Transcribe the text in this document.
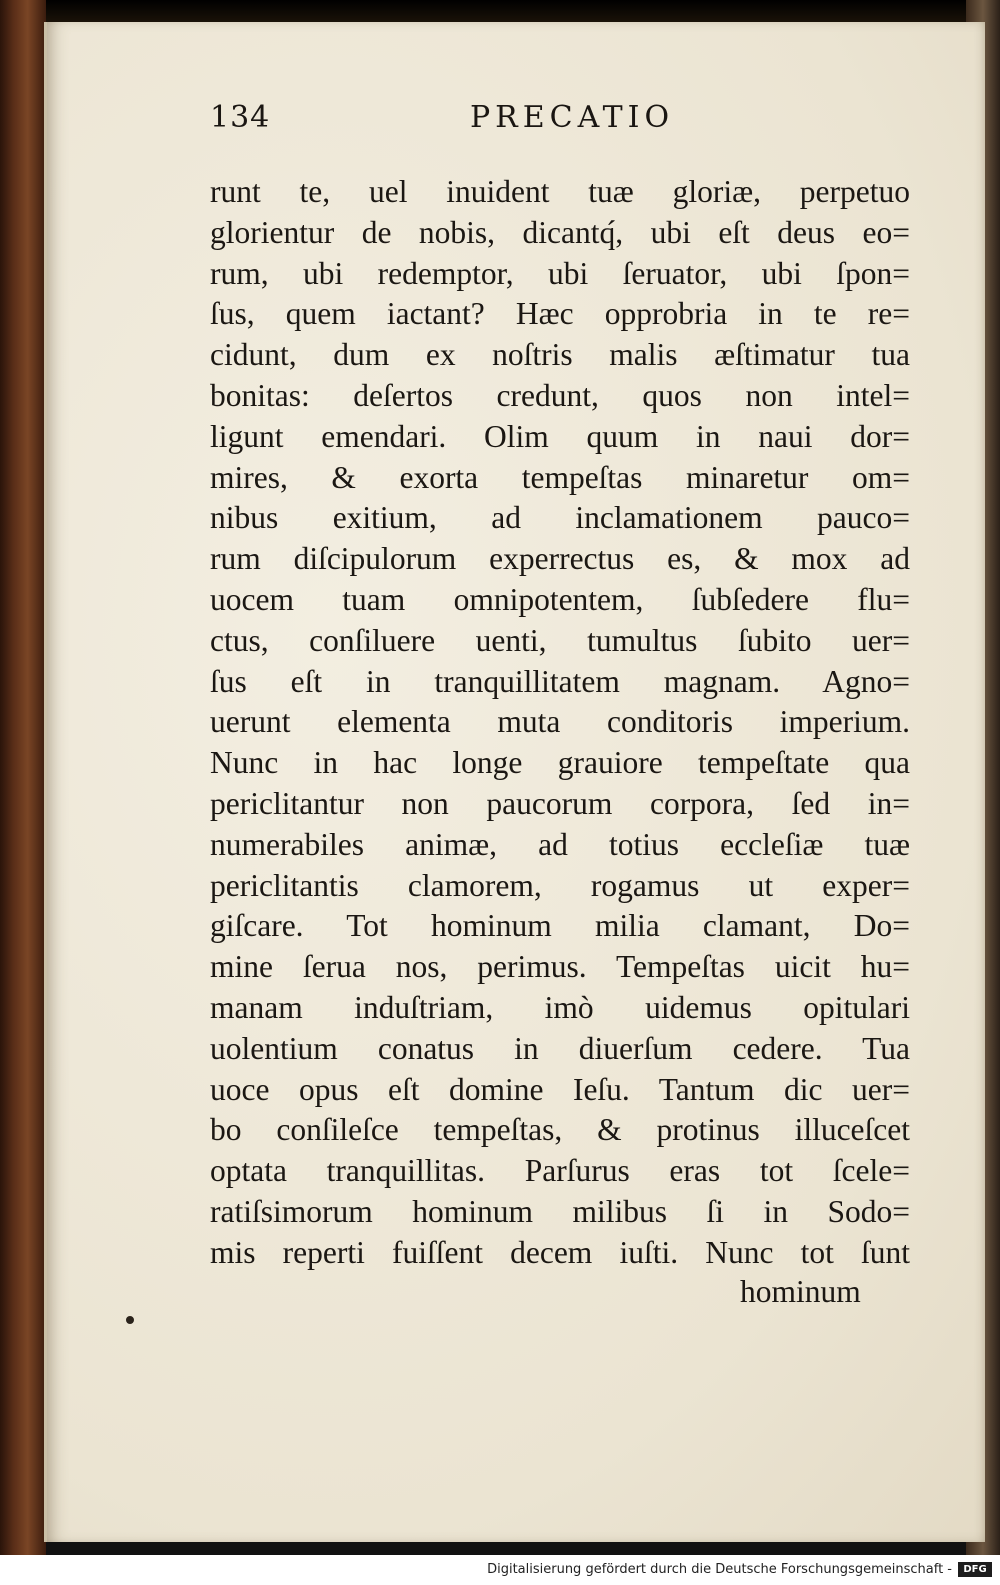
134	PRECATIO
runt te, uel inuident tuæ gloriæ, perpetuo
glorientur de nobis, dicantq́, ubi eſt deus eo=
rum, ubi redemptor, ubi ſeruator, ubi ſpon=
ſus, quem iactant? Hæc opprobria in te re=
cidunt, dum ex noſtris malis æſtimatur tua
bonitas: deſertos credunt, quos non intel=
ligunt emendari. Olim quum in naui dor=
mires, & exorta tempeſtas minaretur om=
nibus exitium, ad inclamationem pauco=
rum diſcipulorum experrectus es, & mox ad
uocem tuam omnipotentem, ſubſedere flu=
ctus, conſiluere uenti, tumultus ſubito uer=
ſus eſt in tranquillitatem magnam. Agno=
uerunt elementa muta conditoris imperium.
Nunc in hac longe grauiore tempeſtate qua
periclitantur non paucorum corpora, ſed in=
numerabiles animæ, ad totius eccleſiæ tuæ
periclitantis clamorem, rogamus ut exper=
giſcare. Tot hominum milia clamant, Do=
mine ſerua nos, perimus. Tempeſtas uicit hu=
manam induſtriam, imò uidemus opitulari
uolentium conatus in diuerſum cedere. Tua
uoce opus eſt domine Ieſu. Tantum dic uer=
bo conſileſce tempeſtas, & protinus illuceſcet
optata tranquillitas. Parſurus eras tot ſcele=
ratiſsimorum hominum milibus ſi in Sodo=
mis reperti fuiſſent decem iuſti. Nunc tot ſunt
hominum
Digitalisierung gefördert durch die Deutsche Forschungsgemeinschaft -	DFG
